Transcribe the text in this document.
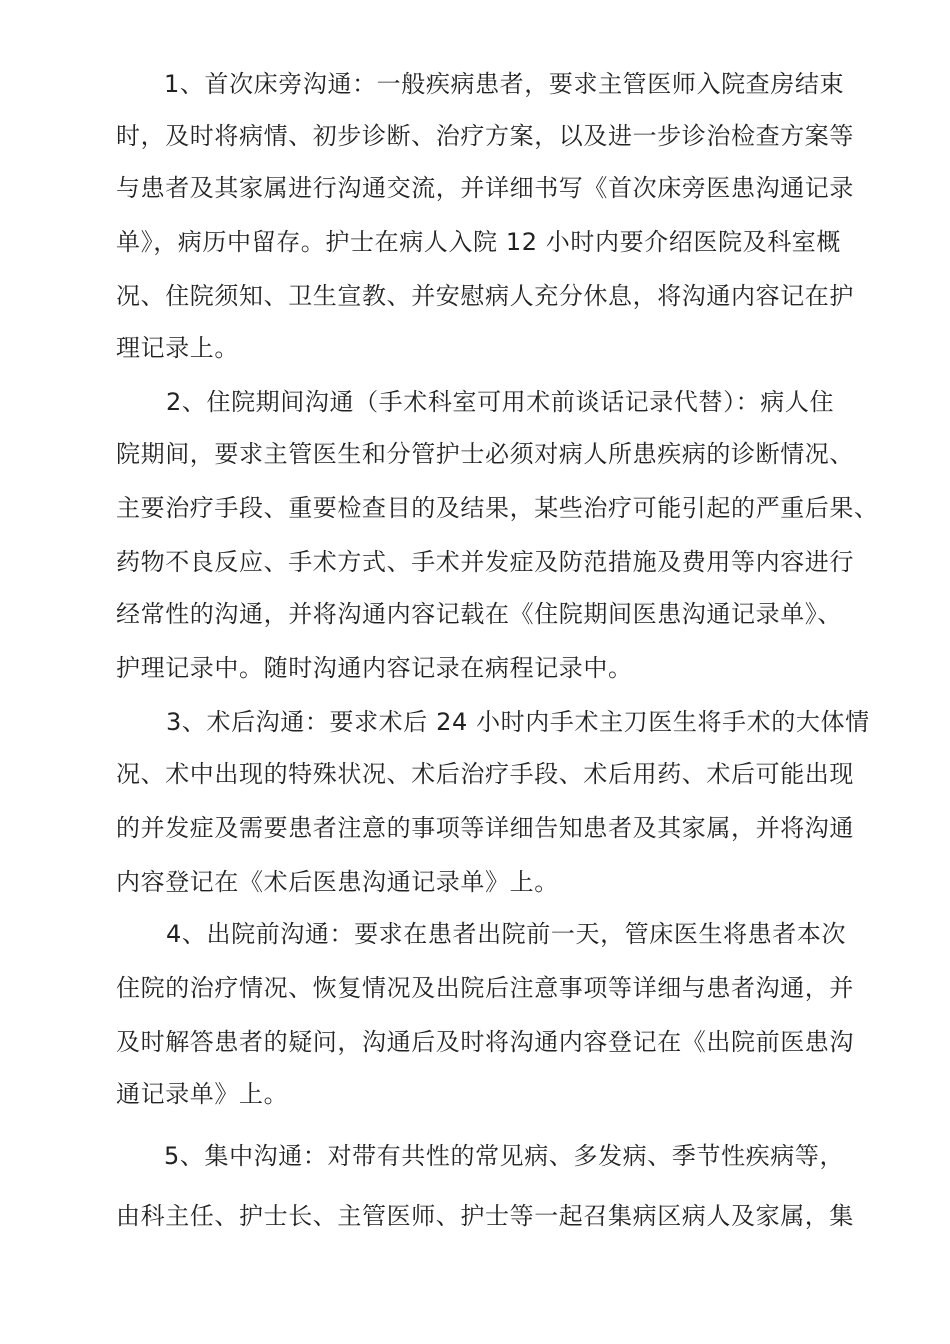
1、首次床旁沟通：一般疾病患者，要求主管医师入院查房结束
时，及时将病情、初步诊断、治疗方案，以及进一步诊治检查方案等
与患者及其家属进行沟通交流，并详细书写《首次床旁医患沟通记录
单》，病历中留存。护士在病人入院 12 小时内要介绍医院及科室概
况、住院须知、卫生宣教、并安慰病人充分休息，将沟通内容记在护
理记录上。
2、住院期间沟通（手术科室可用术前谈话记录代替）：病人住
院期间，要求主管医生和分管护士必须对病人所患疾病的诊断情况、
主要治疗手段、重要检查目的及结果，某些治疗可能引起的严重后果、
药物不良反应、手术方式、手术并发症及防范措施及费用等内容进行
经常性的沟通，并将沟通内容记载在《住院期间医患沟通记录单》、
护理记录中。随时沟通内容记录在病程记录中。
3、术后沟通：要求术后 24 小时内手术主刀医生将手术的大体情
况、术中出现的特殊状况、术后治疗手段、术后用药、术后可能出现
的并发症及需要患者注意的事项等详细告知患者及其家属，并将沟通
内容登记在《术后医患沟通记录单》上。
4、出院前沟通：要求在患者出院前一天，管床医生将患者本次
住院的治疗情况、恢复情况及出院后注意事项等详细与患者沟通，并
及时解答患者的疑问，沟通后及时将沟通内容登记在《出院前医患沟
通记录单》上。
5、集中沟通：对带有共性的常见病、多发病、季节性疾病等，
由科主任、护士长、主管医师、护士等一起召集病区病人及家属，集
